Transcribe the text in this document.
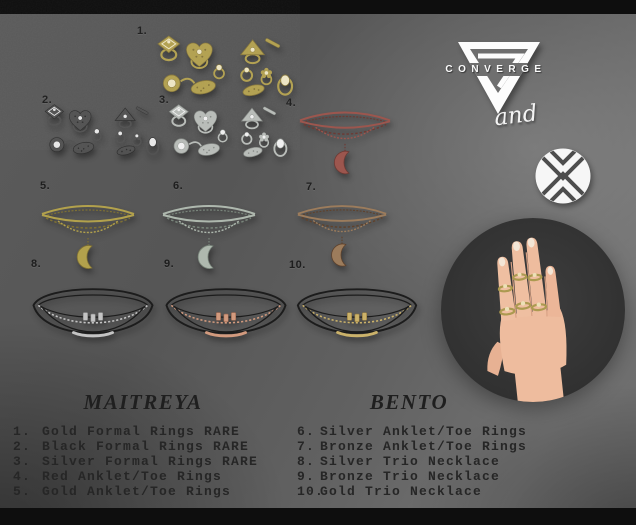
1.
2.	3.	4.
5.	6.	7.
8.	9.	10.
CONVERGE
and
MAITREYA	BENTO
1. Gold Formal Rings RARE
2. Black Formal Rings RARE
3. Silver Formal Rings RARE
4. Red Anklet/Toe Rings
5. Gold Anklet/Toe Rings
6. Silver Anklet/Toe Rings
7. Bronze Anklet/Toe Rings
8. Silver Trio Necklace
9. Bronze Trio Necklace
10.
Gold Trio Necklace
